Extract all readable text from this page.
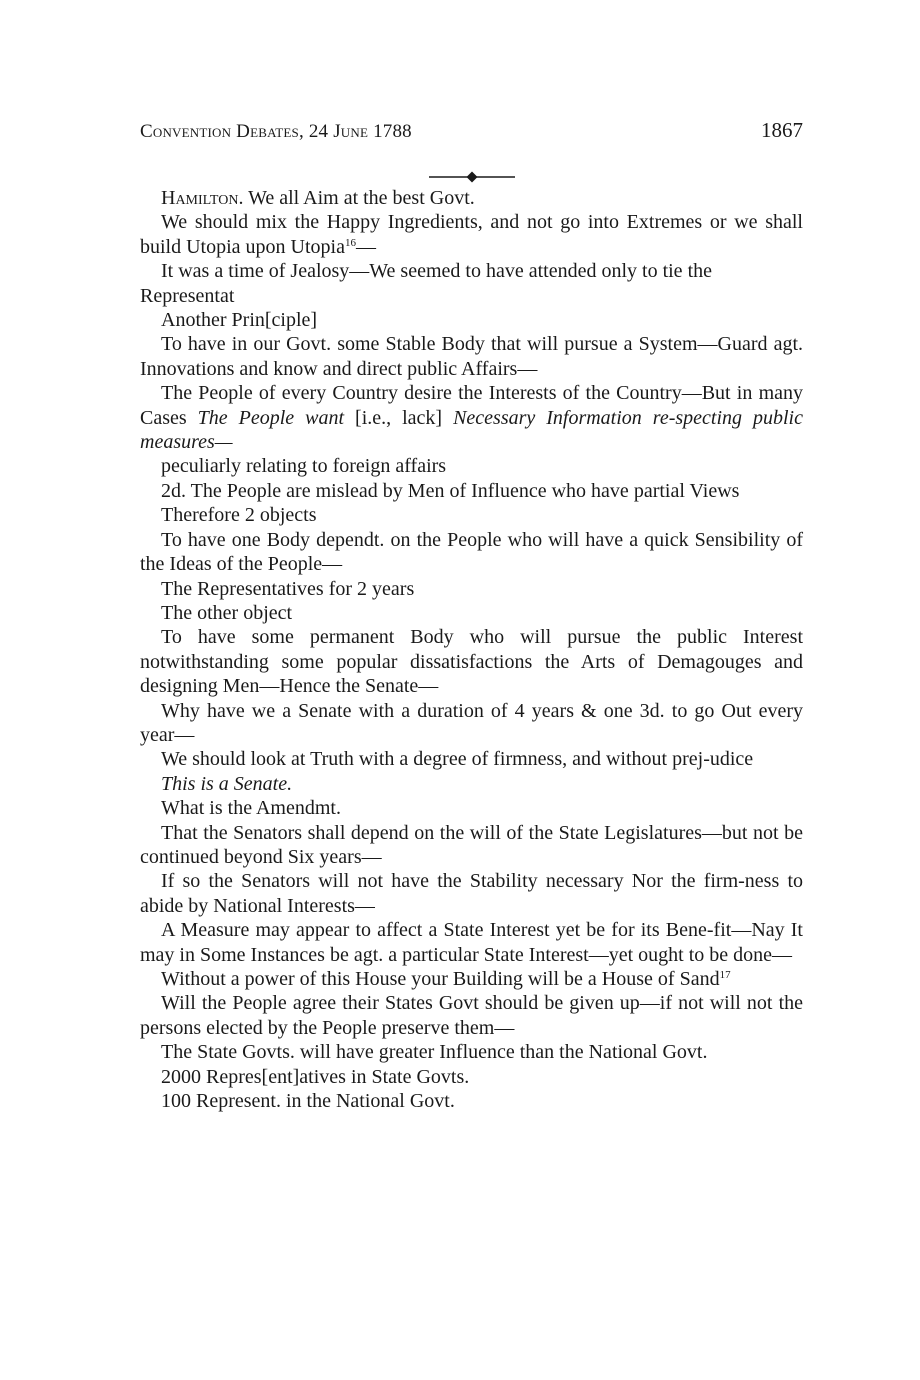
Convention Debates, 24 June 1788	1867

Hamilton. We all Aim at the best Govt.

We should mix the Happy Ingredients, and not go into Extremes or we shall build Utopia upon Utopia$^{16}$—

It was a time of Jealosy—We seemed to have attended only to tie the Representat

Another Prin[ciple]

To have in our Govt. some Stable Body that will pursue a System—Guard agt. Innovations and know and direct public Affairs—

The People of every Country desire the Interests of the Country—But in many Cases The People want [i.e., lack] Necessary Information re-specting public measures—

peculiarly relating to foreign affairs

2d. The People are mislead by Men of Influence who have partial Views

Therefore 2 objects

To have one Body dependt. on the People who will have a quick Sensibility of the Ideas of the People—

The Representatives for 2 years

The other object

To have some permanent Body who will pursue the public Interest notwithstanding some popular dissatisfactions the Arts of Demagouges and designing Men—Hence the Senate—

Why have we a Senate with a duration of 4 years & one 3d. to go Out every year—

We should look at Truth with a degree of firmness, and without prej-udice

This is a Senate.

What is the Amendmt.

That the Senators shall depend on the will of the State Legislatures—but not be continued beyond Six years—

If so the Senators will not have the Stability necessary Nor the firm-ness to abide by National Interests—

A Measure may appear to affect a State Interest yet be for its Bene-fit—Nay It may in Some Instances be agt. a particular State Interest—yet ought to be done—

Without a power of this House your Building will be a House of Sand$^{17}$

Will the People agree their States Govt should be given up—if not will not the persons elected by the People preserve them—

The State Govts. will have greater Influence than the National Govt.

2000 Repres[ent]atives in State Govts.

100 Represent. in the National Govt.
